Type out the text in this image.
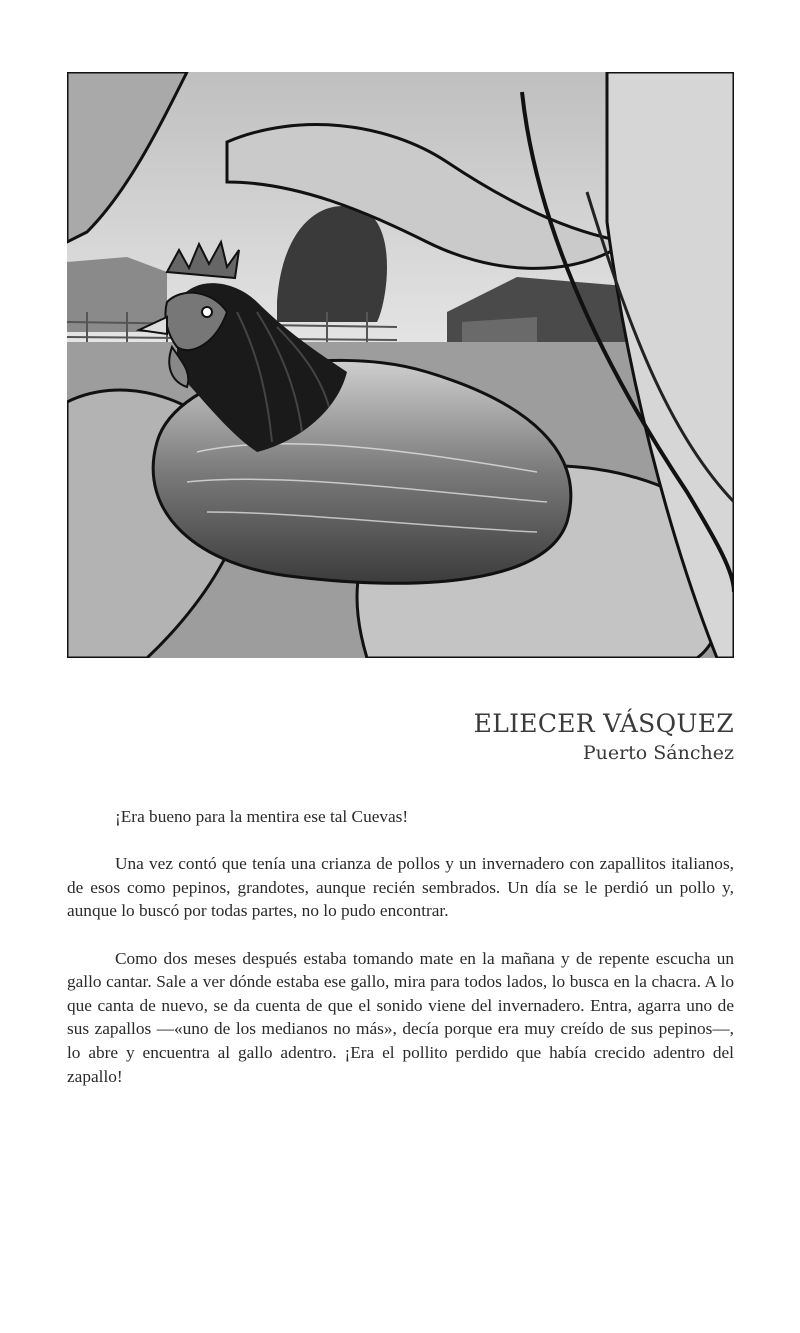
ELIECER VÁSQUEZ
Puerto Sánchez

¡Era bueno para la mentira ese tal Cuevas!

Una vez contó que tenía una crianza de pollos y un invernadero con zapallitos italianos, de esos como pepinos, grandotes, aunque recién sembrados. Un día se le perdió un pollo y, aunque lo buscó por todas partes, no lo pudo encontrar.

Como dos meses después estaba tomando mate en la mañana y de repente escucha un gallo cantar. Sale a ver dónde estaba ese gallo, mira para todos lados, lo busca en la chacra. A lo que canta de nuevo, se da cuenta de que el sonido viene del invernadero. Entra, agarra uno de sus zapallos —«uno de los medianos no más», decía porque era muy creído de sus pepinos—, lo abre y encuentra al gallo adentro. ¡Era el pollito perdido que había crecido adentro del zapallo!
